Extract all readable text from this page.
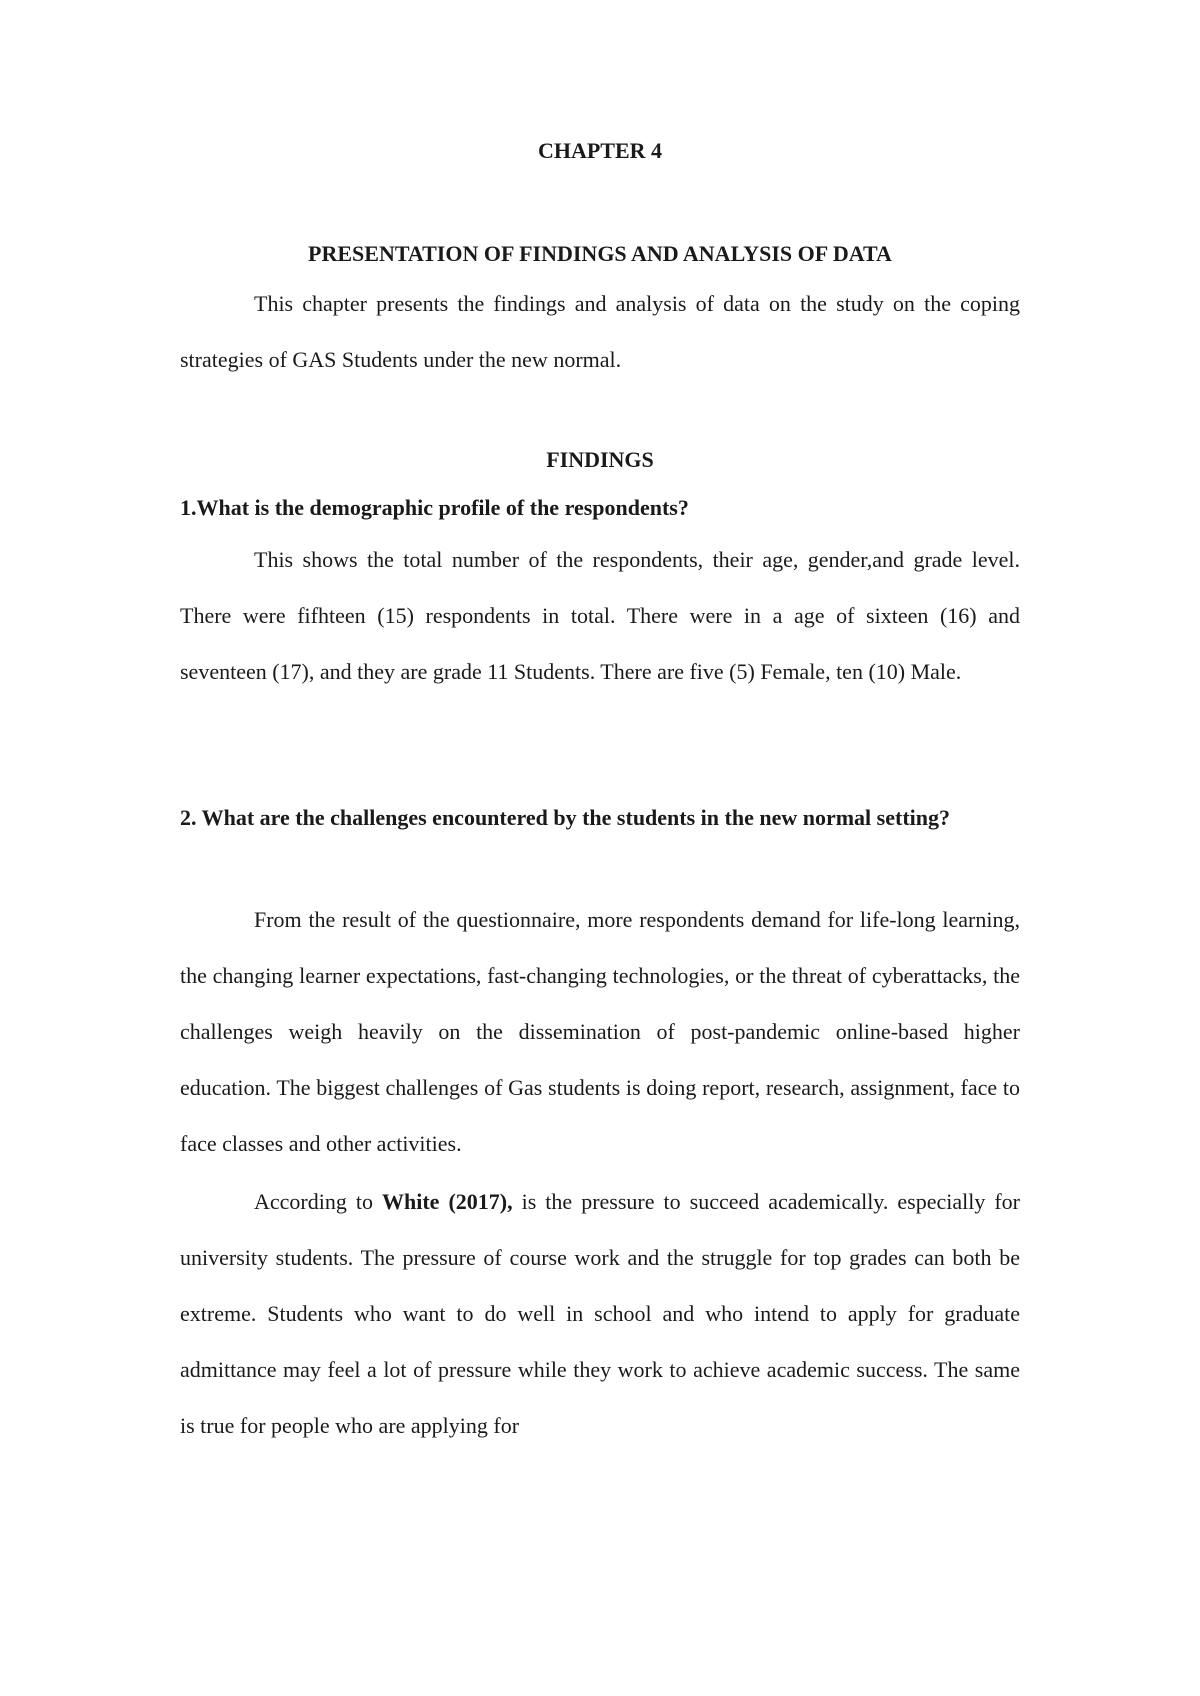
CHAPTER 4
PRESENTATION OF FINDINGS AND ANALYSIS OF DATA

This chapter presents the findings and analysis of data on the study on the coping strategies of GAS Students under the new normal.

FINDINGS

1.What is the demographic profile of the respondents?

This shows the total number of the respondents, their age, gender,and grade level. There were fifhteen (15) respondents in total. There were in a age of sixteen (16) and seventeen (17), and they are grade 11 Students. There are five (5) Female, ten (10) Male.

2. What are the challenges encountered by the students in the new normal setting?

From the result of the questionnaire, more respondents demand for life-long learning, the changing learner expectations, fast-changing technologies, or the threat of cyberattacks, the challenges weigh heavily on the dissemination of post-pandemic online-based higher education. The biggest challenges of Gas students is doing report, research, assignment, face to face classes and other activities.

According to White (2017), is the pressure to succeed academically. especially for university students. The pressure of course work and the struggle for top grades can both be extreme. Students who want to do well in school and who intend to apply for graduate admittance may feel a lot of pressure while they work to achieve academic success. The same is true for people who are applying for
